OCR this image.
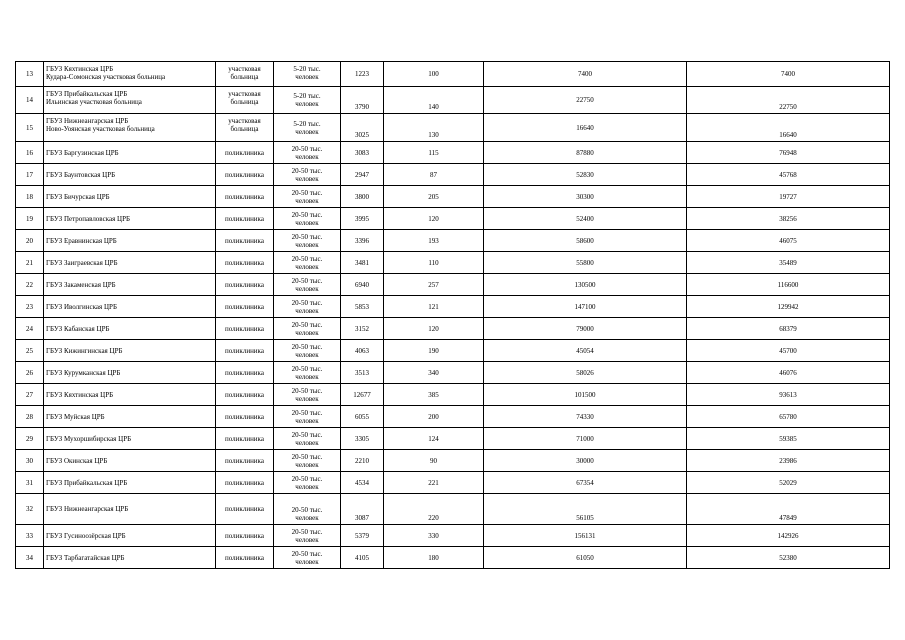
13	ГБУЗ Кяхтинская ЦРБ
Кудара-Сомонская участковая больница	участковая
больница	5-20 тыс.
человек	1223	100	7400	7400
14	ГБУЗ Прибайкальская ЦРБ
Ильинская участковая больница	участковая
больница	5-20 тыс.
человек	3790	140	22750	22750
15	ГБУЗ Нижнеангарская ЦРБ
Ново-Уоянская участковая больница	участковая
больница	5-20 тыс.
человек	3025	130	16640	16640
16	ГБУЗ Баргузинская ЦРБ	поликлиника	20-50 тыс.
человек	3083	115	87880	76948
17	ГБУЗ Баунтовская ЦРБ	поликлиника	20-50 тыс.
человек	2947	87	52830	45768
18	ГБУЗ Бичурская ЦРБ	поликлиника	20-50 тыс.
человек	3800	205	30300	19727
19	ГБУЗ Петропавловская ЦРБ	поликлиника	20-50 тыс.
человек	3995	120	52400	38256
20	ГБУЗ Еравнинская ЦРБ	поликлиника	20-50 тыс.
человек	3396	193	58600	46075
21	ГБУЗ Заиграевская ЦРБ	поликлиника	20-50 тыс.
человек	3481	110	55800	35489
22	ГБУЗ Закаменская ЦРБ	поликлиника	20-50 тыс.
человек	6940	257	130500	116600
23	ГБУЗ Иволгинская ЦРБ	поликлиника	20-50 тыс.
человек	5853	121	147100	129942
24	ГБУЗ Кабанская ЦРБ	поликлиника	20-50 тыс.
человек	3152	120	79000	68379
25	ГБУЗ Кижингинская ЦРБ	поликлиника	20-50 тыс.
человек	4063	190	45054	45700
26	ГБУЗ Курумканская ЦРБ	поликлиника	20-50 тыс.
человек	3513	340	58026	46076
27	ГБУЗ Кяхтинская ЦРБ	поликлиника	20-50 тыс.
человек	12677	385	101500	93613
28	ГБУЗ Муйская ЦРБ	поликлиника	20-50 тыс.
человек	6055	200	74330	65780
29	ГБУЗ Мухоршибирская ЦРБ	поликлиника	20-50 тыс.
человек	3305	124	71000	59385
30	ГБУЗ Окинская ЦРБ	поликлиника	20-50 тыс.
человек	2210	90	30000	23986
31	ГБУЗ Прибайкальская ЦРБ	поликлиника	20-50 тыс.
человек	4534	221	67354	52029
32	ГБУЗ Нижнеангарская ЦРБ	поликлиника	20-50 тыс.
человек	3087	220	56105	47849
33	ГБУЗ Гусиноозёрская ЦРБ	поликлиника	20-50 тыс.
человек	5379	330	156131	142926
34	ГБУЗ Тарбагатайская ЦРБ	поликлиника	20-50 тыс.
человек	4105	180	61050	52380
